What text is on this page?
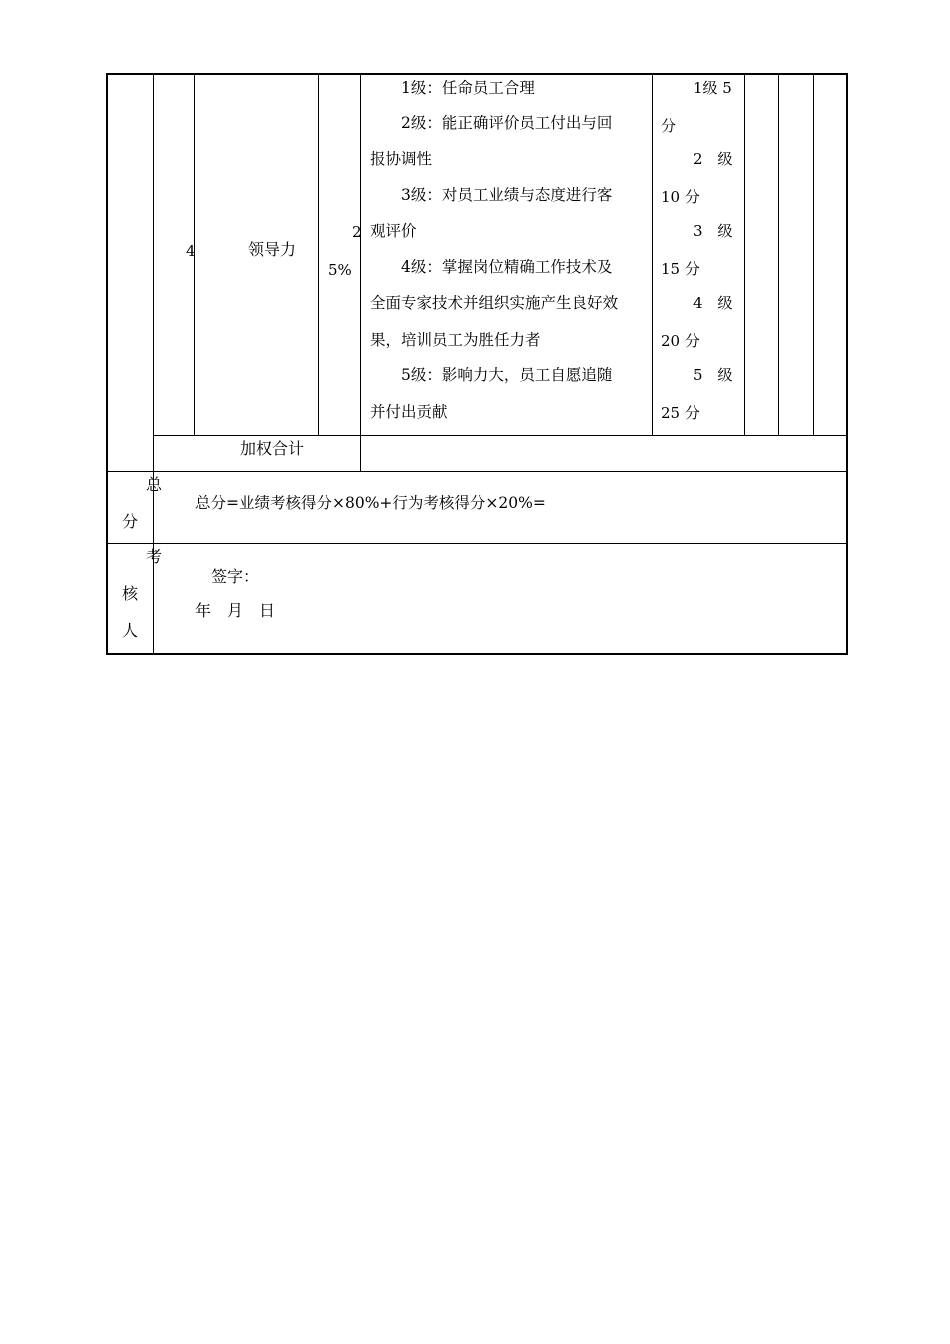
4	领导力
2
5%

1级：任命员工合理

2级：能正确评价员工付出与回

报协调性

3级：对员工业绩与态度进行客

观评价

4级：掌握岗位精确工作技术及

全面专家技术并组织实施产生良好效

果，培训员工为胜任力者

5级：影响力大，员工自愿追随

并付出贡献

1级 5
分
2　级
10 分
3　级
15 分
4　级
20 分
5　级
25 分
加权合计
总
分
总分=业绩考核得分×80%+行为考核得分×20%=
考
核
人
签字：
年　月　日
